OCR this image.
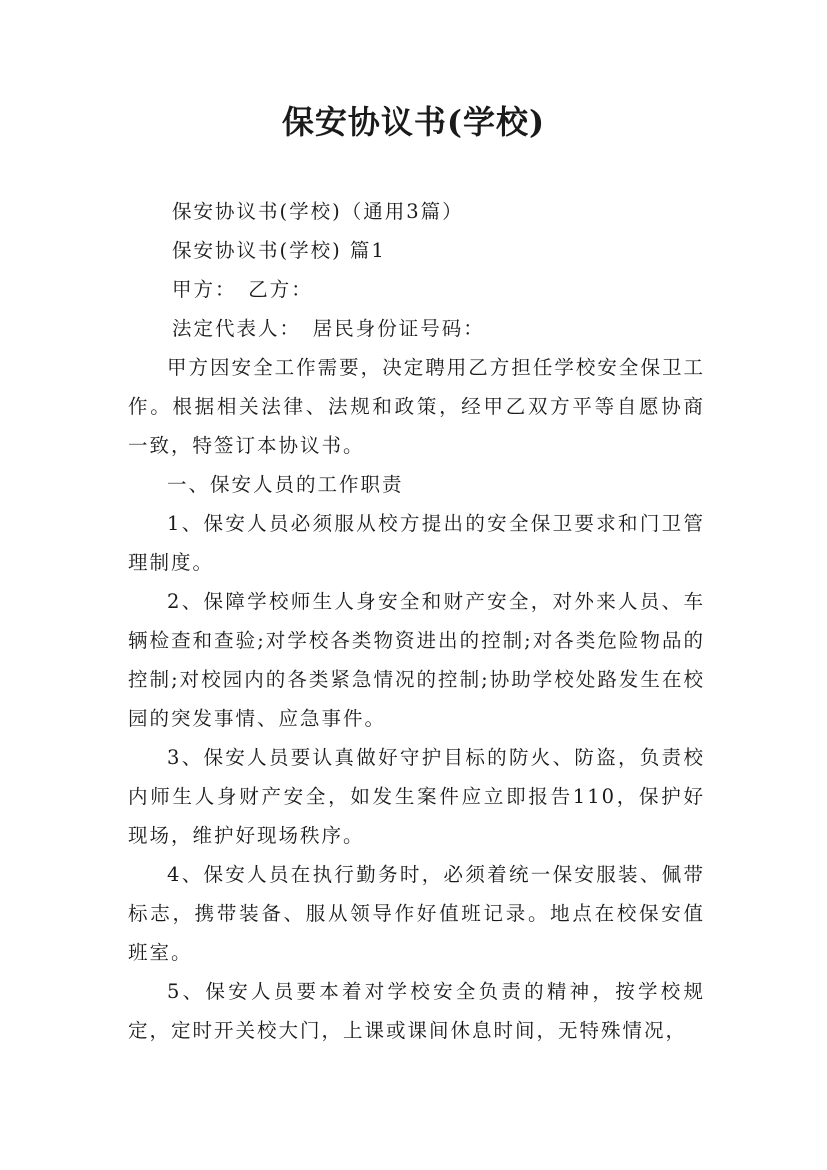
保安协议书(学校)
保安协议书(学校)（通用3篇）
保安协议书(学校) 篇1
甲方：　乙方：
法定代表人：　居民身份证号码：

甲方因安全工作需要，决定聘用乙方担任学校安全保卫工作。根据相关法律、法规和政策，经甲乙双方平等自愿协商一致，特签订本协议书。

一、保安人员的工作职责

1、保安人员必须服从校方提出的安全保卫要求和门卫管理制度。

2、保障学校师生人身安全和财产安全，对外来人员、车辆检查和查验;对学校各类物资进出的控制;对各类危险物品的控制;对校园内的各类紧急情况的控制;协助学校处路发生在校园的突发事情、应急事件。

3、保安人员要认真做好守护目标的防火、防盗，负责校内师生人身财产安全，如发生案件应立即报告110，保护好现场，维护好现场秩序。

4、保安人员在执行勤务时，必须着统一保安服装、佩带标志，携带装备、服从领导作好值班记录。地点在校保安值班室。

5、保安人员要本着对学校安全负责的精神，按学校规定，定时开关校大门，上课或课间休息时间，无特殊情况，
